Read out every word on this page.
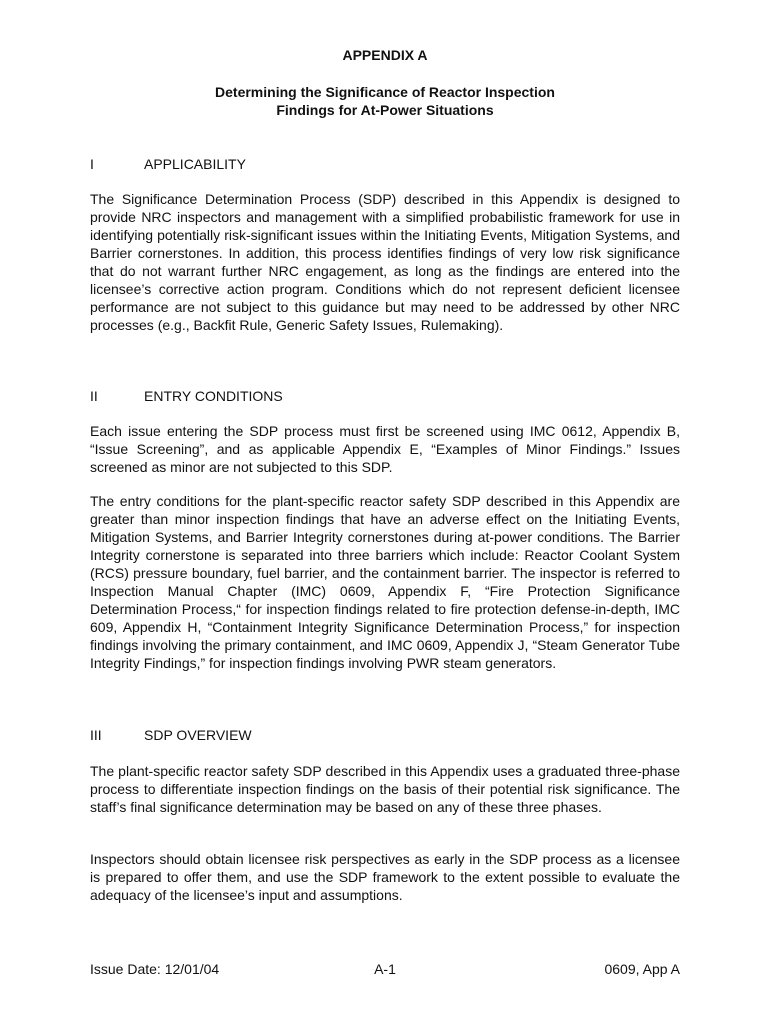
APPENDIX A
Determining the Significance of Reactor Inspection
Findings for At-Power Situations
I	APPLICABILITY

The Significance Determination Process (SDP) described in this Appendix is designed to provide NRC inspectors and management with a simplified probabilistic framework for use in identifying potentially risk-significant issues within the Initiating Events, Mitigation Systems, and Barrier cornerstones. In addition, this process identifies findings of very low risk significance that do not warrant further NRC engagement, as long as the findings are entered into the licensee’s corrective action program. Conditions which do not represent deficient licensee performance are not subject to this guidance but may need to be addressed by other NRC processes (e.g., Backfit Rule, Generic Safety Issues, Rulemaking).

II	ENTRY CONDITIONS

Each issue entering the SDP process must first be screened using IMC 0612, Appendix B, “Issue Screening”, and as applicable Appendix E, “Examples of Minor Findings.” Issues screened as minor are not subjected to this SDP.

The entry conditions for the plant-specific reactor safety SDP described in this Appendix are greater than minor inspection findings that have an adverse effect on the Initiating Events, Mitigation Systems, and Barrier Integrity cornerstones during at-power conditions. The Barrier Integrity cornerstone is separated into three barriers which include: Reactor Coolant System (RCS) pressure boundary, fuel barrier, and the containment barrier. The inspector is referred to Inspection Manual Chapter (IMC) 0609, Appendix F, “Fire Protection Significance Determination Process,“ for inspection findings related to fire protection defense-in-depth, IMC 609, Appendix H, “Containment Integrity Significance Determination Process,” for inspection findings involving the primary containment, and IMC 0609, Appendix J, “Steam Generator Tube Integrity Findings,” for inspection findings involving PWR steam generators.

III	SDP OVERVIEW

The plant-specific reactor safety SDP described in this Appendix uses a graduated three-phase process to differentiate inspection findings on the basis of their potential risk significance. The staff’s final significance determination may be based on any of these three phases.

Inspectors should obtain licensee risk perspectives as early in the SDP process as a licensee is prepared to offer them, and use the SDP framework to the extent possible to evaluate the adequacy of the licensee’s input and assumptions.

Issue Date: 12/01/04	A-1	0609, App A
